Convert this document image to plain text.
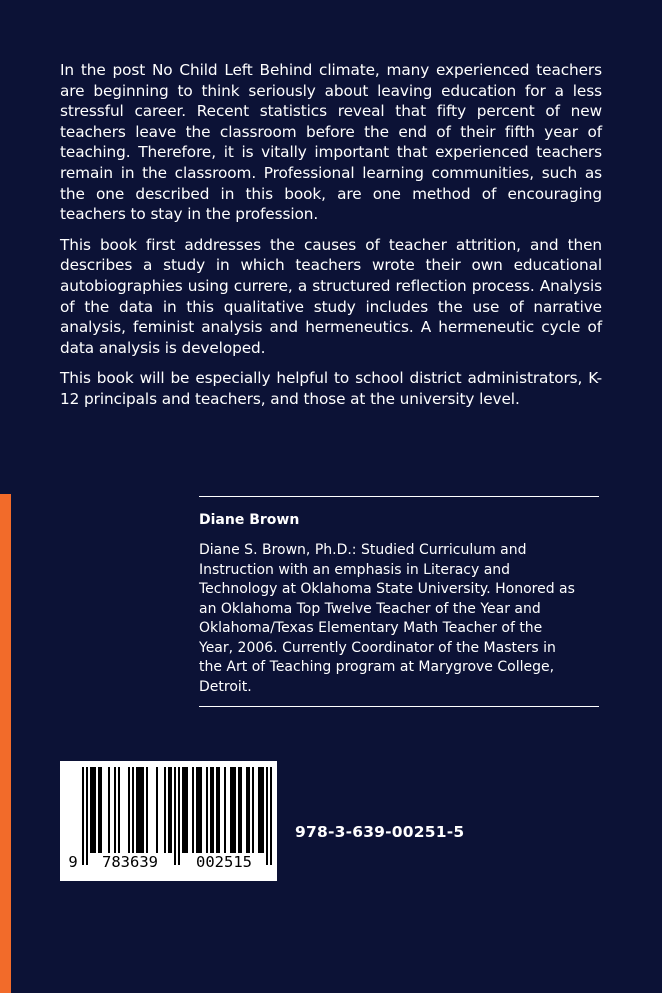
In the post No Child Left Behind climate, many experienced teachers are beginning to think seriously about leaving education for a less stressful career. Recent statistics reveal that fifty percent of new teachers leave the classroom before the end of their fifth year of teaching. Therefore, it is vitally important that experienced teachers remain in the classroom. Professional learning communities, such as the one described in this book, are one method of encouraging teachers to stay in the profession.

This book first addresses the causes of teacher attrition, and then describes a study in which teachers wrote their own educational autobiographies using currere, a structured reflection process. Analysis of the data in this qualitative study includes the use of narrative analysis, feminist analysis and hermeneutics. A hermeneutic cycle of data analysis is developed.

This book will be especially helpful to school district administrators, K-12 principals and teachers, and those at the university level.

Diane Brown
Diane S. Brown, Ph.D.: Studied Curriculum and Instruction with an emphasis in Literacy and Technology at Oklahoma State University. Honored as an Oklahoma Top Twelve Teacher of the Year and Oklahoma/Texas Elementary Math Teacher of the Year, 2006. Currently Coordinator of the Masters in the Art of Teaching program at Marygrove College, Detroit.
9 783639 002515
978-3-639-00251-5
